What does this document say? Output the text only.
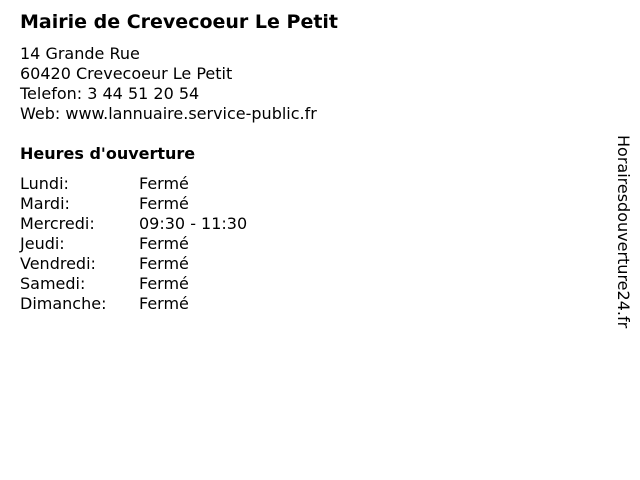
Mairie de Crevecoeur Le Petit
14 Grande Rue
60420 Crevecoeur Le Petit
Telefon: 3 44 51 20 54
Web: www.lannuaire.service-public.fr
Heures d'ouverture
Lundi:	Fermé
Mardi:	Fermé
Mercredi:	09:30 - 11:30
Jeudi:	Fermé
Vendredi:	Fermé
Samedi:	Fermé
Dimanche:	Fermé	Horairesdouverture24.fr
